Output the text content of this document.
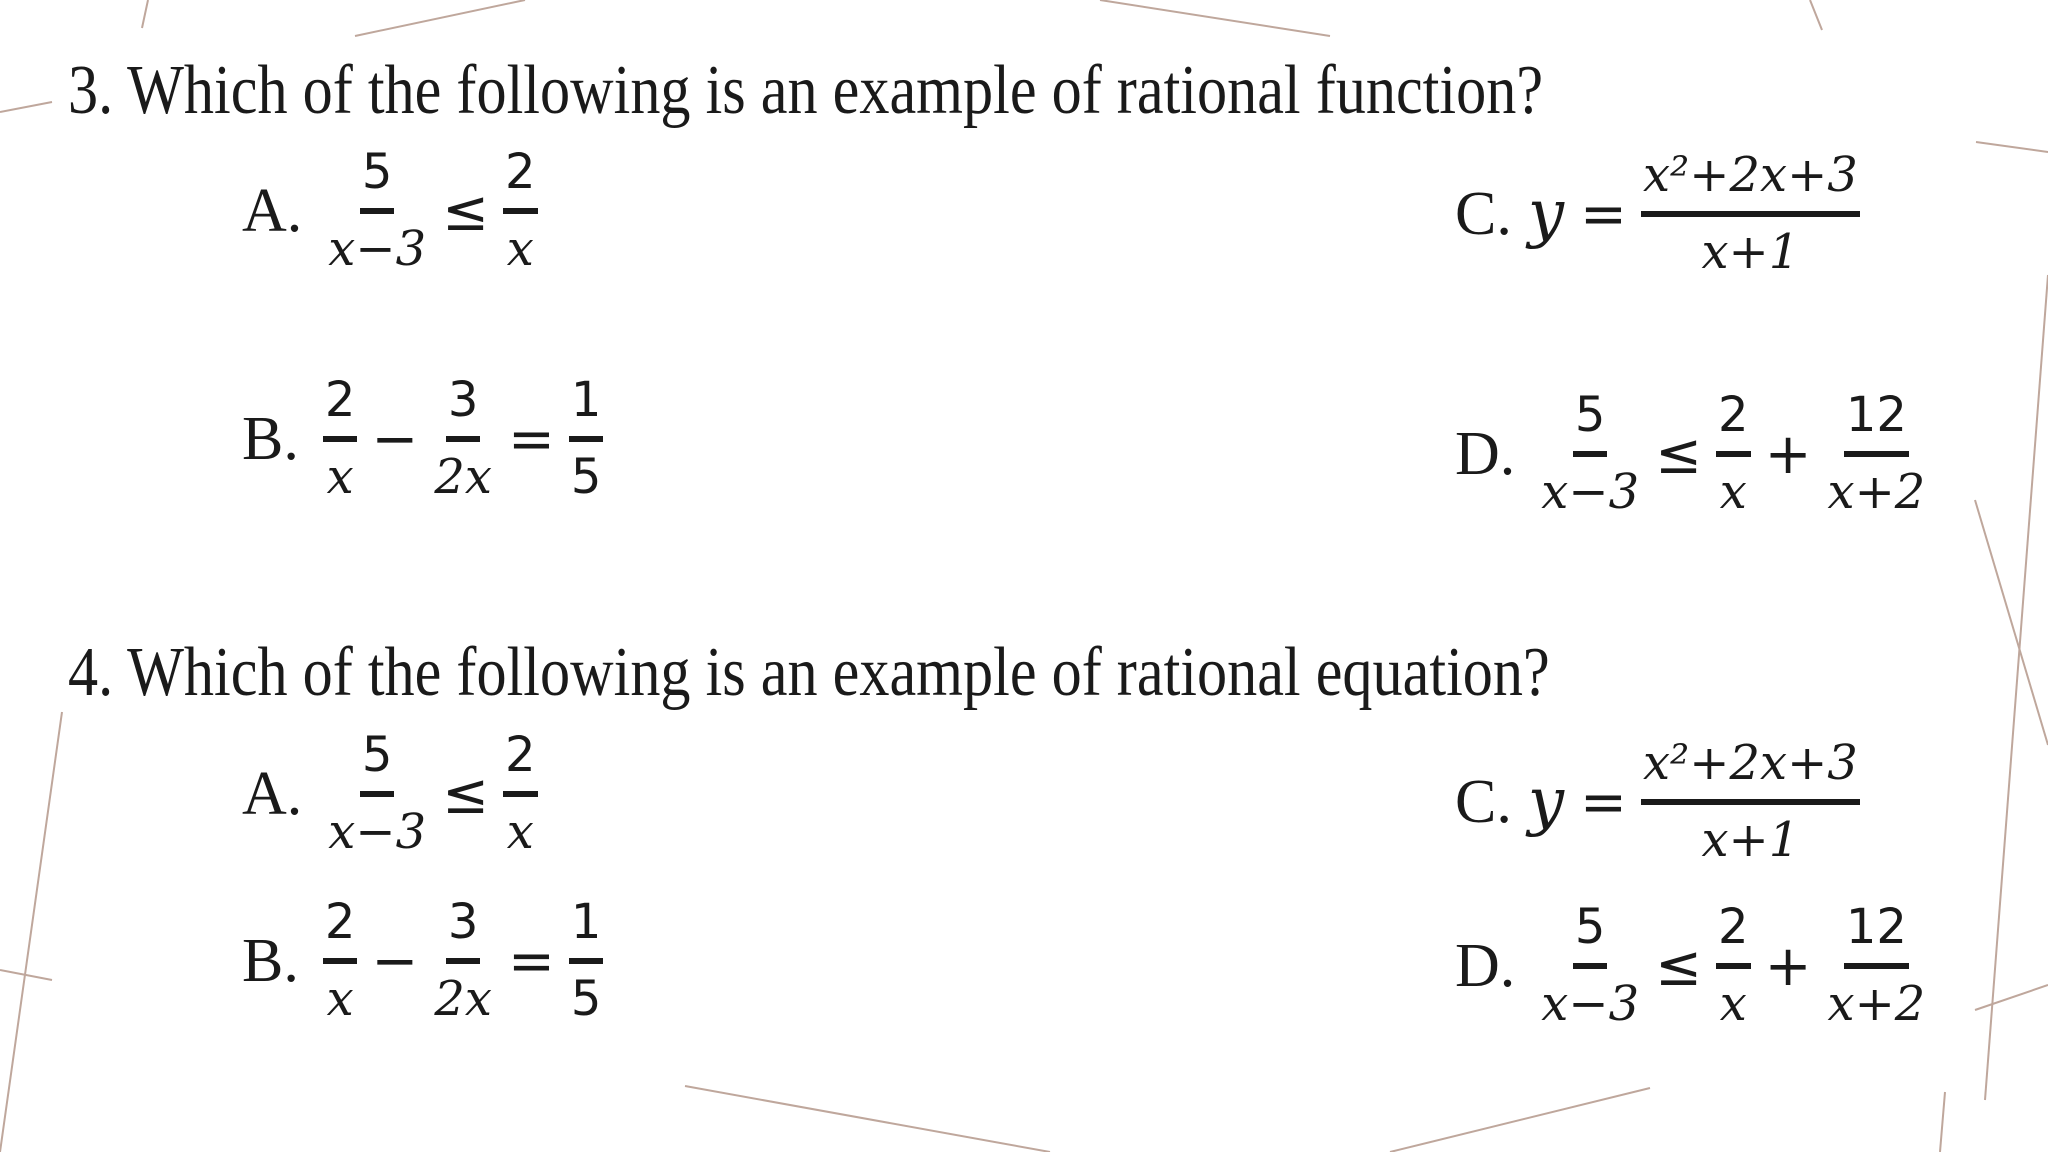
3. Which of the following is an example of rational function?
A. $\frac{5}{x-3} \le \frac{2}{x}$
B. $\frac{2}{x} - \frac{3}{2x} = \frac{1}{5}$
C. $y = \frac{\text{x²+2x+3}}{x+1}$
D. $\frac{5}{x-3} \le \frac{2}{x} + \frac{12}{x+2}$
4. Which of the following is an example of rational equation?
A. $\frac{5}{x-3} \le \frac{2}{x}$
B. $\frac{2}{x} - \frac{3}{2x} = \frac{1}{5}$
C. $y = \frac{\text{x²+2x+3}}{x+1}$
D. $\frac{5}{x-3} \le \frac{2}{x} + \frac{12}{x+2}$
